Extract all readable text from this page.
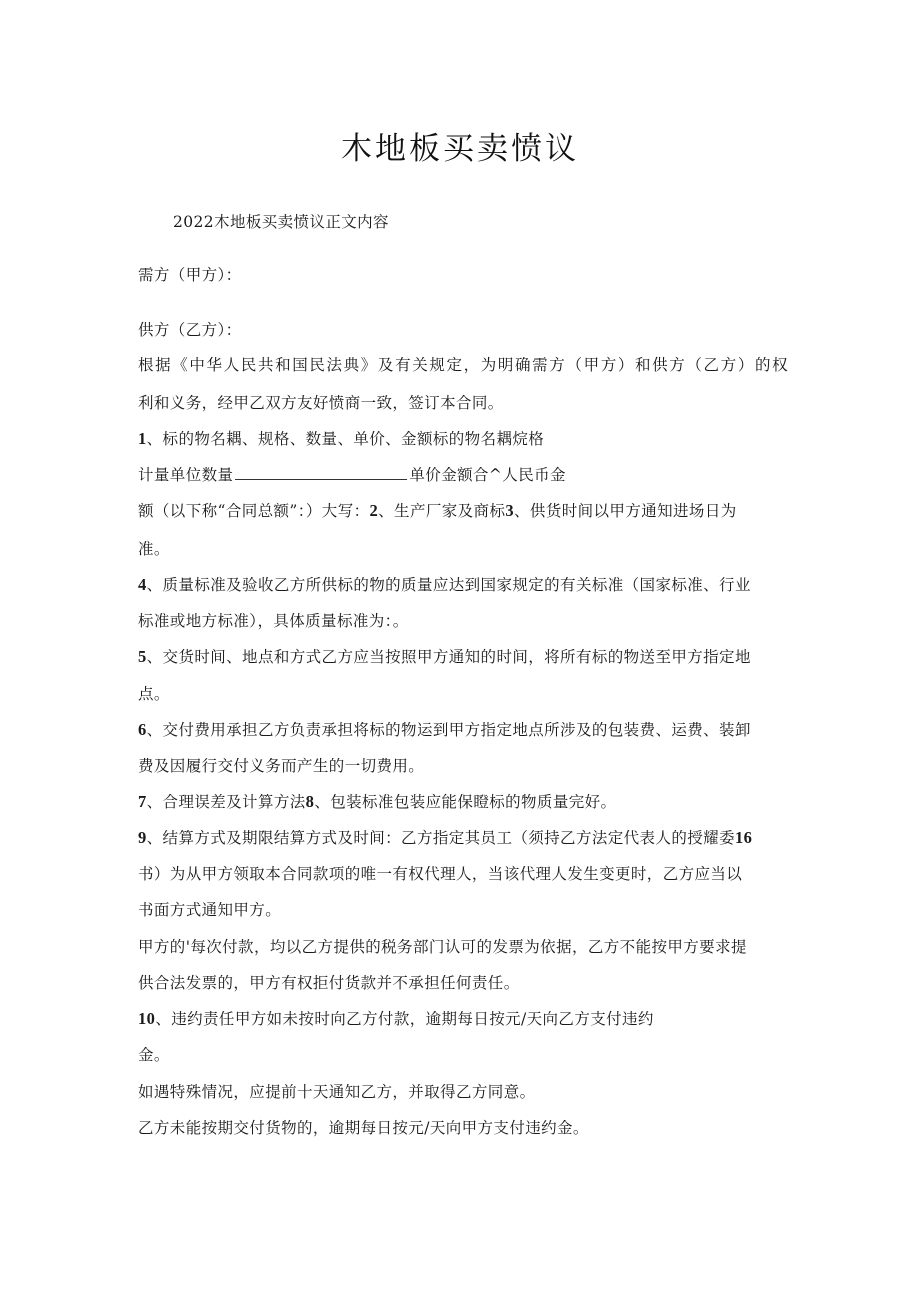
木地板买卖愤议
2022木地板买卖愤议正文内容
需方（甲方）：
供方（乙方）：
根据《中华人民共和国民法典》及有关规定，为明确需方（甲方）和供方（乙方）的权
利和义务，经甲乙双方友好愤商一致，签订本合同。
1、标的物名耦、规格、数量、单价、金额标的物名耦烷格
计量单位数量	单价金额合^人民币金
额（以下称“合同总额”：）大写：2、生产厂家及商标3、供货时间以甲方通知进场日为
准。
4、质量标准及验收乙方所供标的物的质量应达到国家规定的有关标准（国家标准、行业
标准或地方标准），具体质量标准为：。
5、交货时间、地点和方式乙方应当按照甲方通知的时间，将所有标的物送至甲方指定地
点。
6、交付费用承担乙方负责承担将标的物运到甲方指定地点所涉及的包装费、运费、装卸
费及因履行交付义务而产生的一切费用。
7、合理误差及计算方法8、包装标准包装应能保瞪标的物质量完好。
9、结算方式及期限结算方式及时间：乙方指定其员工（须持乙方法定代表人的授耀委16
书）为从甲方领取本合同款项的唯一有权代理人，当该代理人发生变更时，乙方应当以
书面方式通知甲方。
甲方的'每次付款，均以乙方提供的税务部门认可的发票为依据，乙方不能按甲方要求提
供合法发票的，甲方有权拒付货款并不承担任何责任。
10、违约责任甲方如未按时向乙方付款，逾期每日按元/天向乙方支付违约
金。
如遇特殊情况，应提前十天通知乙方，并取得乙方同意。
乙方未能按期交付货物的，逾期每日按元/天向甲方支付违约金。
